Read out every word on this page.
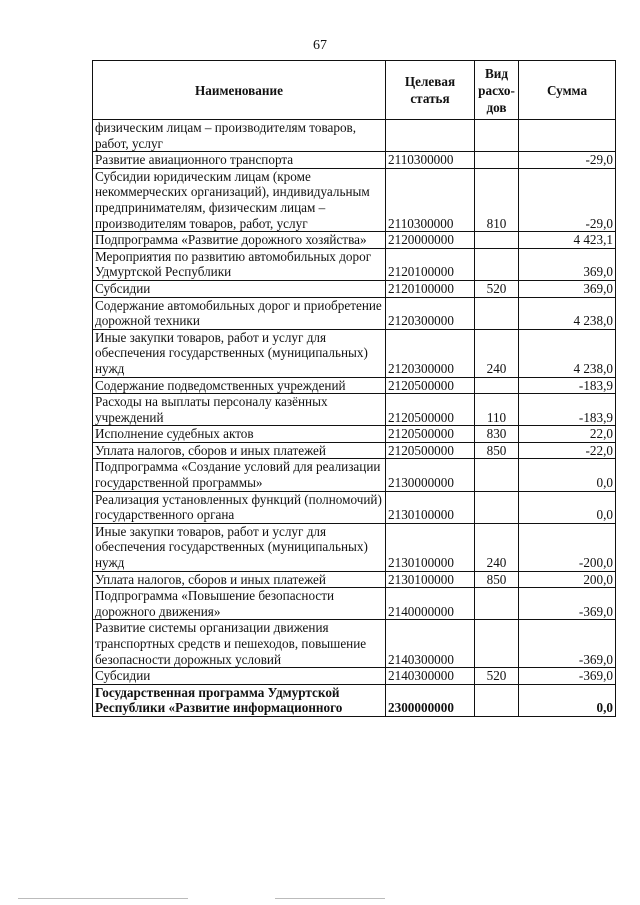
67
Наименование	Целевая статья	Вид расхо-дов	Сумма
физическим лицам – производителям товаров, работ, услуг			
Развитие авиационного транспорта	2110300000		-29,0
Субсидии юридическим лицам (кроме некоммерческих организаций), индивидуальным предпринимателям, физическим лицам – производителям товаров, работ, услуг	2110300000	810	-29,0
Подпрограмма «Развитие дорожного хозяйства»	2120000000		4 423,1
Мероприятия по развитию автомобильных дорог Удмуртской Республики	2120100000		369,0
Субсидии	2120100000	520	369,0
Содержание автомобильных дорог и приобретение дорожной техники	2120300000		4 238,0
Иные закупки товаров, работ и услуг для обеспечения государственных (муниципальных) нужд	2120300000	240	4 238,0
Содержание подведомственных учреждений	2120500000		-183,9
Расходы на выплаты персоналу казённых учреждений	2120500000	110	-183,9
Исполнение судебных актов	2120500000	830	22,0
Уплата налогов, сборов и иных платежей	2120500000	850	-22,0
Подпрограмма «Создание условий для реализации государственной программы»	2130000000		0,0
Реализация установленных функций (полномочий) государственного органа	2130100000		0,0
Иные закупки товаров, работ и услуг для обеспечения государственных (муниципальных) нужд	2130100000	240	-200,0
Уплата налогов, сборов и иных платежей	2130100000	850	200,0
Подпрограмма «Повышение безопасности дорожного движения»	2140000000		-369,0
Развитие системы организации движения транспортных средств и пешеходов, повышение безопасности дорожных условий	2140300000		-369,0
Субсидии	2140300000	520	-369,0
Государственная программа Удмуртской Республики «Развитие информационного	2300000000		0,0
